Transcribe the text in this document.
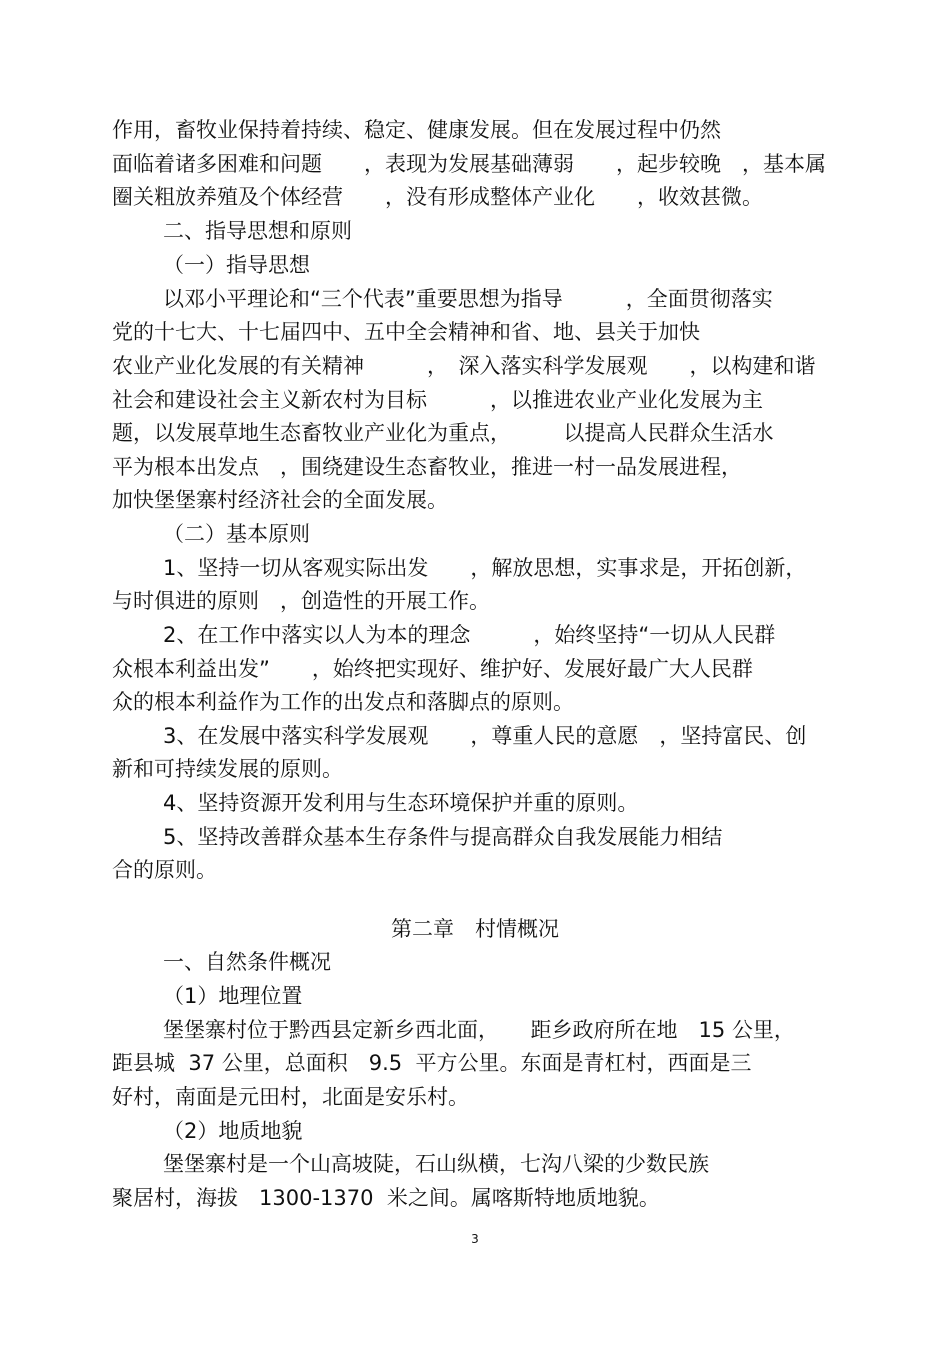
作用，畜牧业保持着持续、稳定、健康发展。但在发展过程中仍然
面临着诸多困难和问题　　，表现为发展基础薄弱　　，起步较晚　，基本属
圈关粗放养殖及个体经营　　，没有形成整体产业化　　，收效甚微。
二、指导思想和原则
（一）指导思想
以邓小平理论和“三个代表”重要思想为指导　　　，全面贯彻落实
党的十七大、十七届四中、五中全会精神和省、地、县关于加快
农业产业化发展的有关精神　　　，　深入落实科学发展观　　，以构建和谐
社会和建设社会主义新农村为目标　　　，以推进农业产业化发展为主
题，以发展草地生态畜牧业产业化为重点，　　　以提高人民群众生活水
平为根本出发点　，围绕建设生态畜牧业，推进一村一品发展进程，
加快堡堡寨村经济社会的全面发展。
（二）基本原则
1、坚持一切从客观实际出发　　，解放思想，实事求是，开拓创新，
与时俱进的原则　，创造性的开展工作。
2、在工作中落实以人为本的理念　　　，始终坚持“一切从人民群
众根本利益出发”　　，始终把实现好、维护好、发展好最广大人民群
众的根本利益作为工作的出发点和落脚点的原则。
3、在发展中落实科学发展观　　，尊重人民的意愿　，坚持富民、创
新和可持续发展的原则。
4、坚持资源开发利用与生态环境保护并重的原则。
5、坚持改善群众基本生存条件与提高群众自我发展能力相结
合的原则。
第二章　村情概况
一、自然条件概况
（1）地理位置
堡堡寨村位于黔西县定新乡西北面，　　距乡政府所在地　15 公里，
距县城  37 公里，总面积　9.5  平方公里。东面是青杠村，西面是三
好村，南面是元田村，北面是安乐村。
（2）地质地貌
堡堡寨村是一个山高坡陡，石山纵横，七沟八梁的少数民族
聚居村，海拔　1300-1370  米之间。属喀斯特地质地貌。
3
